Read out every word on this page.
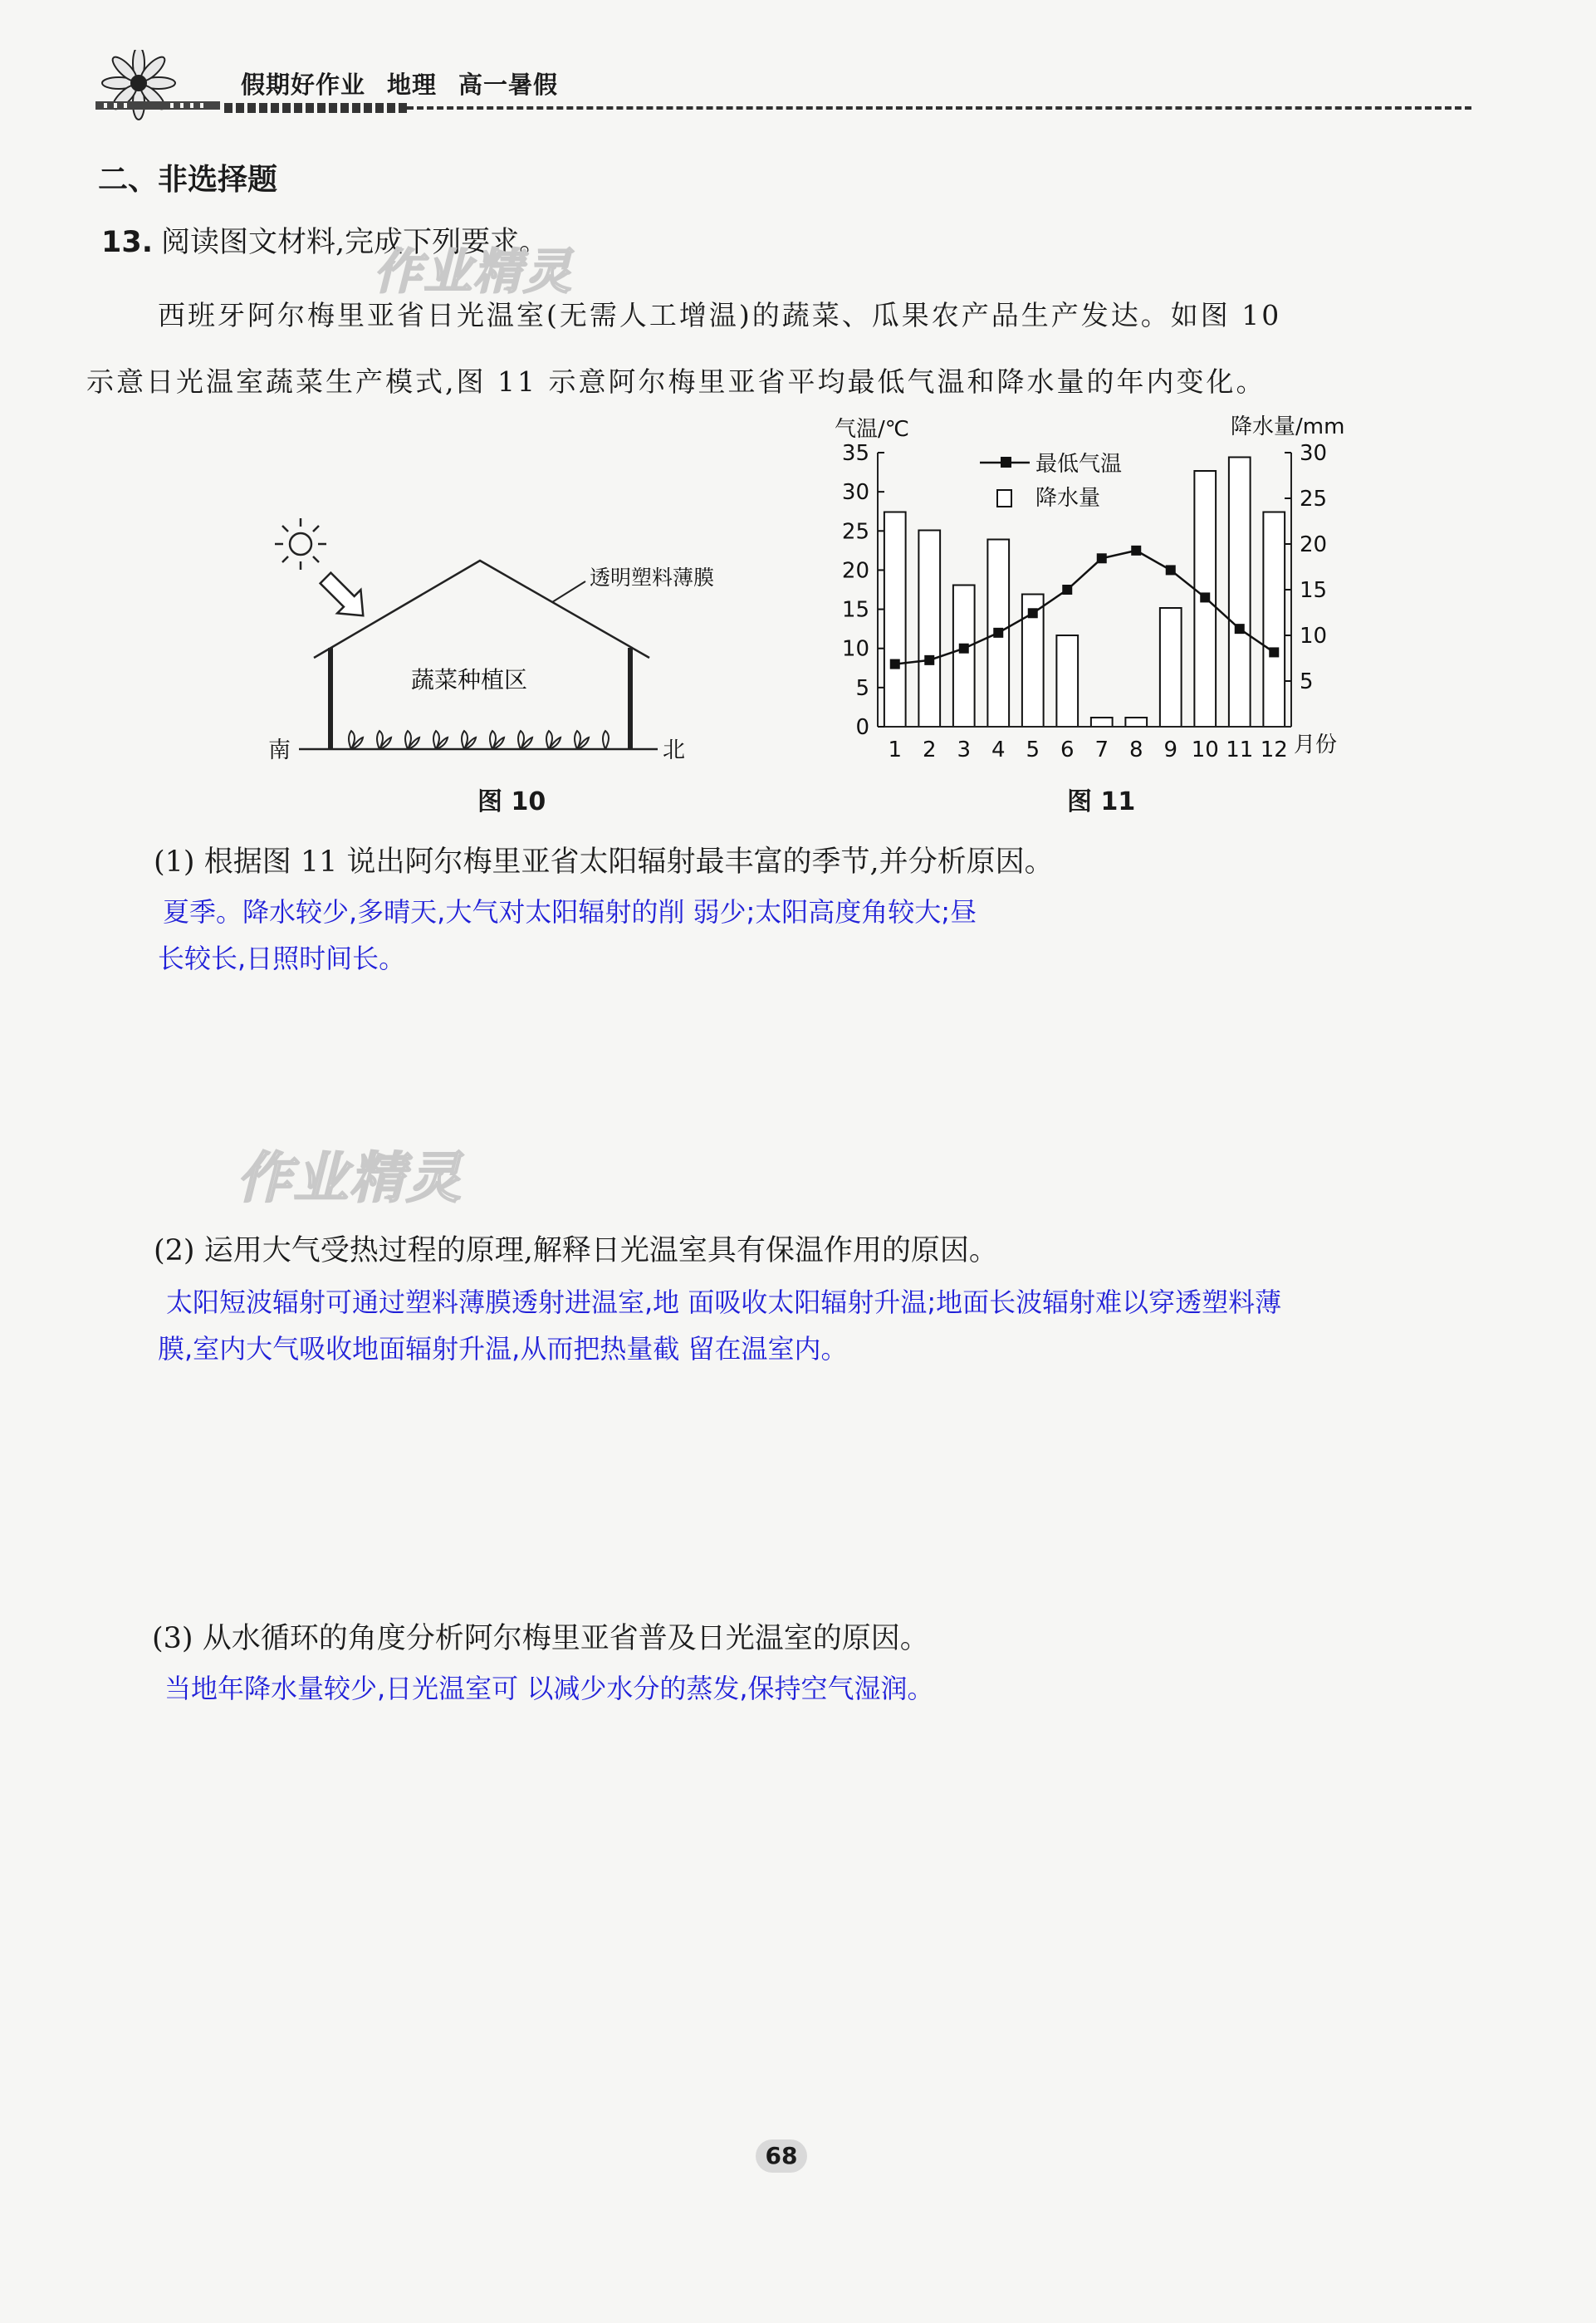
假期好作业 地理 高一暑假
二、非选择题
13. 阅读图文材料,完成下列要求。
作业精灵
西班牙阿尔梅里亚省日光温室(无需人工增温)的蔬菜、瓜果农产品生产发达。如图 10
示意日光温室蔬菜生产模式,图 11 示意阿尔梅里亚省平均最低气温和降水量的年内变化。
透明塑料薄膜
蔬菜种植区
南	北
图 10
0
5
10
15
20
25
30
35
5
10
15
20
25
30
1 2 3 4 5 6 7 8 9 10 11 12
气温/℃	降水量/mm
月份
最低气温
降水量
图 11
(1) 根据图 11 说出阿尔梅里亚省太阳辐射最丰富的季节,并分析原因。
夏季。降水较少,多晴天,大气对太阳辐射的削 弱少;太阳高度角较大;昼
长较长,日照时间长。
作业精灵
(2) 运用大气受热过程的原理,解释日光温室具有保温作用的原因。
太阳短波辐射可通过塑料薄膜透射进温室,地 面吸收太阳辐射升温;地面长波辐射难以穿透塑料薄
膜,室内大气吸收地面辐射升温,从而把热量截 留在温室内。
(3) 从水循环的角度分析阿尔梅里亚省普及日光温室的原因。
当地年降水量较少,日光温室可 以减少水分的蒸发,保持空气湿润。
68
